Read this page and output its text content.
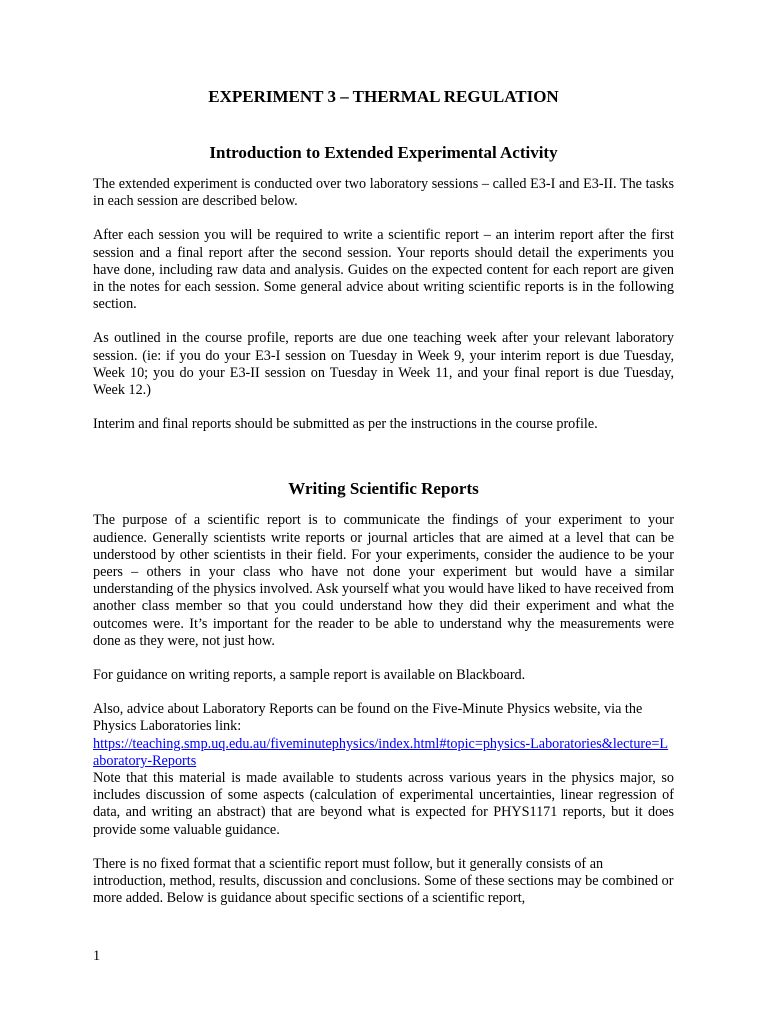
EXPERIMENT 3 – THERMAL REGULATION
Introduction to Extended Experimental Activity

The extended experiment is conducted over two laboratory sessions – called E3-I and E3-II. The tasks in each session are described below.

After each session you will be required to write a scientific report – an interim report after the first session and a final report after the second session. Your reports should detail the experiments you have done, including raw data and analysis. Guides on the expected content for each report are given in the notes for each session. Some general advice about writing scientific reports is in the following section.

As outlined in the course profile, reports are due one teaching week after your relevant laboratory session. (ie: if you do your E3-I session on Tuesday in Week 9, your interim report is due Tuesday, Week 10; you do your E3-II session on Tuesday in Week 11, and your final report is due Tuesday, Week 12.)

Interim and final reports should be submitted as per the instructions in the course profile.

Writing Scientific Reports

The purpose of a scientific report is to communicate the findings of your experiment to your audience. Generally scientists write reports or journal articles that are aimed at a level that can be understood by other scientists in their field. For your experiments, consider the audience to be your peers – others in your class who have not done your experiment but would have a similar understanding of the physics involved. Ask yourself what you would have liked to have received from another class member so that you could understand how they did their experiment and what the outcomes were. It’s important for the reader to be able to understand why the measurements were done as they were, not just how.

For guidance on writing reports, a sample report is available on Blackboard.

Also, advice about Laboratory Reports can be found on the Five-Minute Physics website, via the Physics Laboratories link:

https://teaching.smp.uq.edu.au/fiveminutephysics/index.html#topic=physics-Laboratories&lecture=Laboratory-Reports

Note that this material is made available to students across various years in the physics major, so includes discussion of some aspects (calculation of experimental uncertainties, linear regression of data, and writing an abstract) that are beyond what is expected for PHYS1171 reports, but it does provide some valuable guidance.

There is no fixed format that a scientific report must follow, but it generally consists of an introduction, method, results, discussion and conclusions. Some of these sections may be combined or more added. Below is guidance about specific sections of a scientific report,

1
